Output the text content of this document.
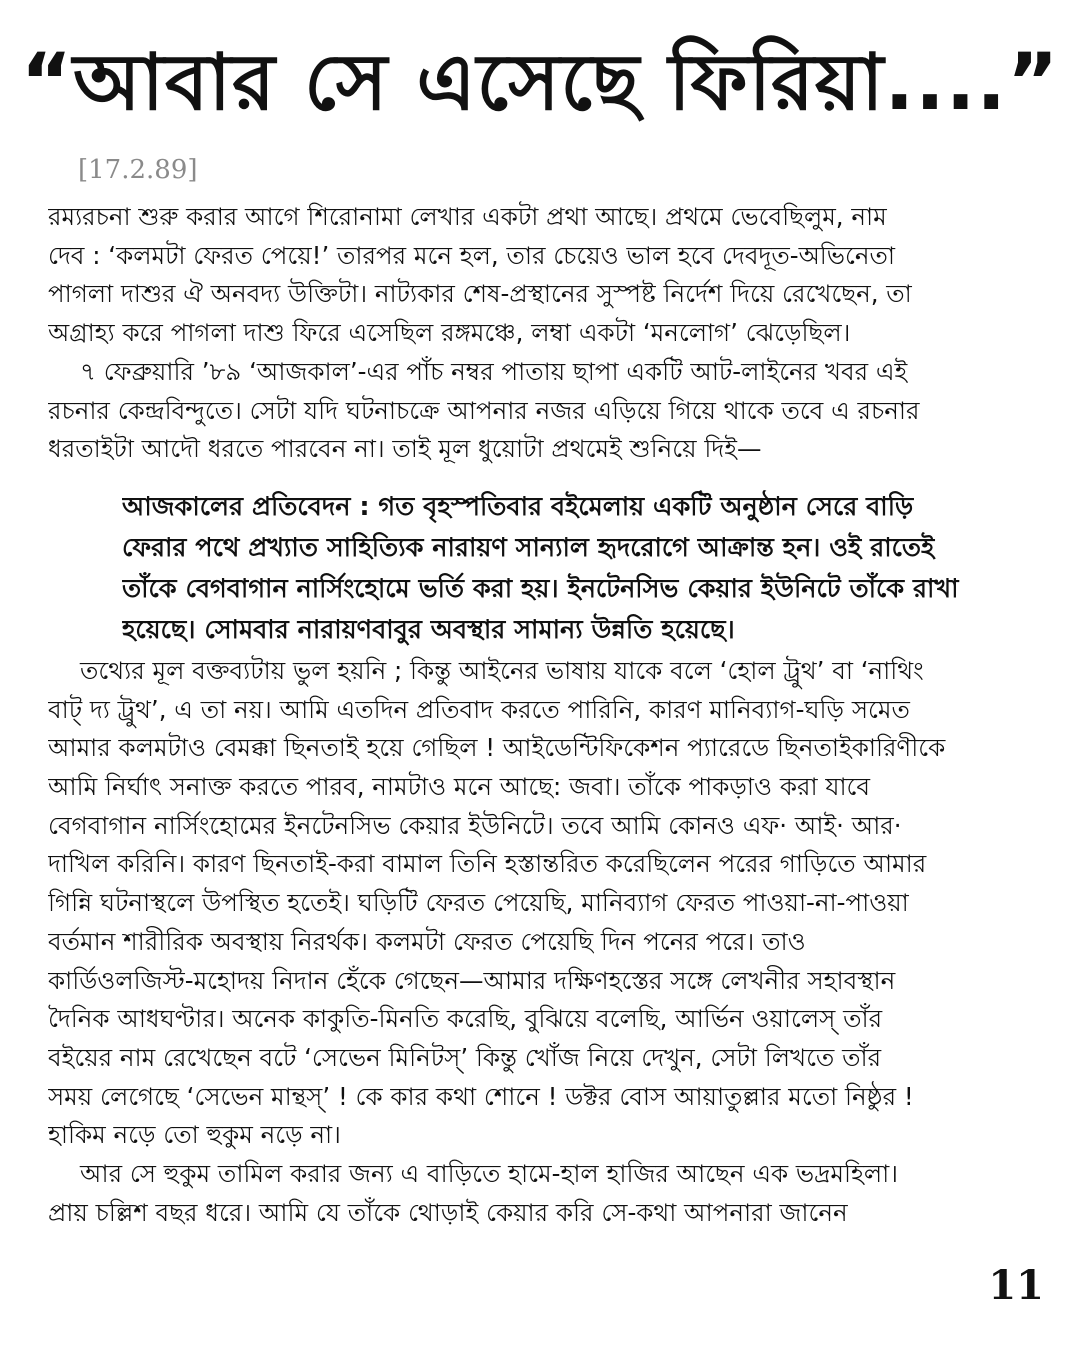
“আবার সে এসেছে ফিরিয়া....”
[17.2.89]
রম্যরচনা শুরু করার আগে শিরোনামা লেখার একটা প্রথা আছে। প্রথমে ভেবেছিলুম, নাম
দেব : ‘কলমটা ফেরত পেয়ে!’ তারপর মনে হল, তার চেয়েও ভাল হবে দেবদূত-অভিনেতা
পাগলা দাশুর ঐ অনবদ্য উক্তিটা। নাট্যকার শেষ-প্রস্থানের সুস্পষ্ট নির্দেশ দিয়ে রেখেছেন, তা
অগ্রাহ্য করে পাগলা দাশু ফিরে এসেছিল রঙ্গমঞ্চে, লম্বা একটা ‘মনলোগ’ ঝেড়েছিল।
৭ ফেব্রুয়ারি ’৮৯ ‘আজকাল’-এর পাঁচ নম্বর পাতায় ছাপা একটি আট-লাইনের খবর এই
রচনার কেন্দ্রবিন্দুতে। সেটা যদি ঘটনাচক্রে আপনার নজর এড়িয়ে গিয়ে থাকে তবে এ রচনার
ধরতাইটা আদৌ ধরতে পারবেন না। তাই মূল ধুয়োটা প্রথমেই শুনিয়ে দিই—
আজকালের প্রতিবেদন : গত বৃহস্পতিবার বইমেলায় একটি অনুষ্ঠান সেরে বাড়ি
ফেরার পথে প্রখ্যাত সাহিত্যিক নারায়ণ সান্যাল হৃদরোগে আক্রান্ত হন। ওই রাতেই
তাঁকে বেগবাগান নার্সিংহোমে ভর্তি করা হয়। ইনটেনসিভ কেয়ার ইউনিটে তাঁকে রাখা
হয়েছে। সোমবার নারায়ণবাবুর অবস্থার সামান্য উন্নতি হয়েছে।
তথ্যের মূল বক্তব্যটায় ভুল হয়নি ; কিন্তু আইনের ভাষায় যাকে বলে ‘হোল ট্রুথ’ বা ‘নাথিং
বাট্ দ্য ট্রুথ’, এ তা নয়। আমি এতদিন প্রতিবাদ করতে পারিনি, কারণ মানিব্যাগ-ঘড়ি সমেত
আমার কলমটাও বেমক্কা ছিনতাই হয়ে গেছিল ! আইডেন্টিফিকেশন প্যারেডে ছিনতাইকারিণীকে
আমি নির্ঘাৎ সনাক্ত করতে পারব, নামটাও মনে আছে: জবা। তাঁকে পাকড়াও করা যাবে
বেগবাগান নার্সিংহোমের ইনটেনসিভ কেয়ার ইউনিটে। তবে আমি কোনও এফ· আই· আর·
দাখিল করিনি। কারণ ছিনতাই-করা বামাল তিনি হস্তান্তরিত করেছিলেন পরের গাড়িতে আমার
গিন্নি ঘটনাস্থলে উপস্থিত হতেই। ঘড়িটি ফেরত পেয়েছি, মানিব্যাগ ফেরত পাওয়া-না-পাওয়া
বর্তমান শারীরিক অবস্থায় নিরর্থক। কলমটা ফেরত পেয়েছি দিন পনের পরে। তাও
কার্ডিওলজিস্ট-মহোদয় নিদান হেঁকে গেছেন—আমার দক্ষিণহস্তের সঙ্গে লেখনীর সহাবস্থান
দৈনিক আধঘণ্টার। অনেক কাকুতি-মিনতি করেছি, বুঝিয়ে বলেছি, আর্ভিন ওয়ালেস্ তাঁর
বইয়ের নাম রেখেছেন বটে ‘সেভেন মিনিটস্’ কিন্তু খোঁজ নিয়ে দেখুন, সেটা লিখতে তাঁর
সময় লেগেছে ‘সেভেন মান্থস্’ ! কে কার কথা শোনে ! ডক্টর বোস আয়াতুল্লার মতো নিষ্ঠুর !
হাকিম নড়ে তো হুকুম নড়ে না।
আর সে হুকুম তামিল করার জন্য এ বাড়িতে হামে-হাল হাজির আছেন এক ভদ্রমহিলা।
প্রায় চল্লিশ বছর ধরে। আমি যে তাঁকে থোড়াই কেয়ার করি সে-কথা আপনারা জানেন
11
